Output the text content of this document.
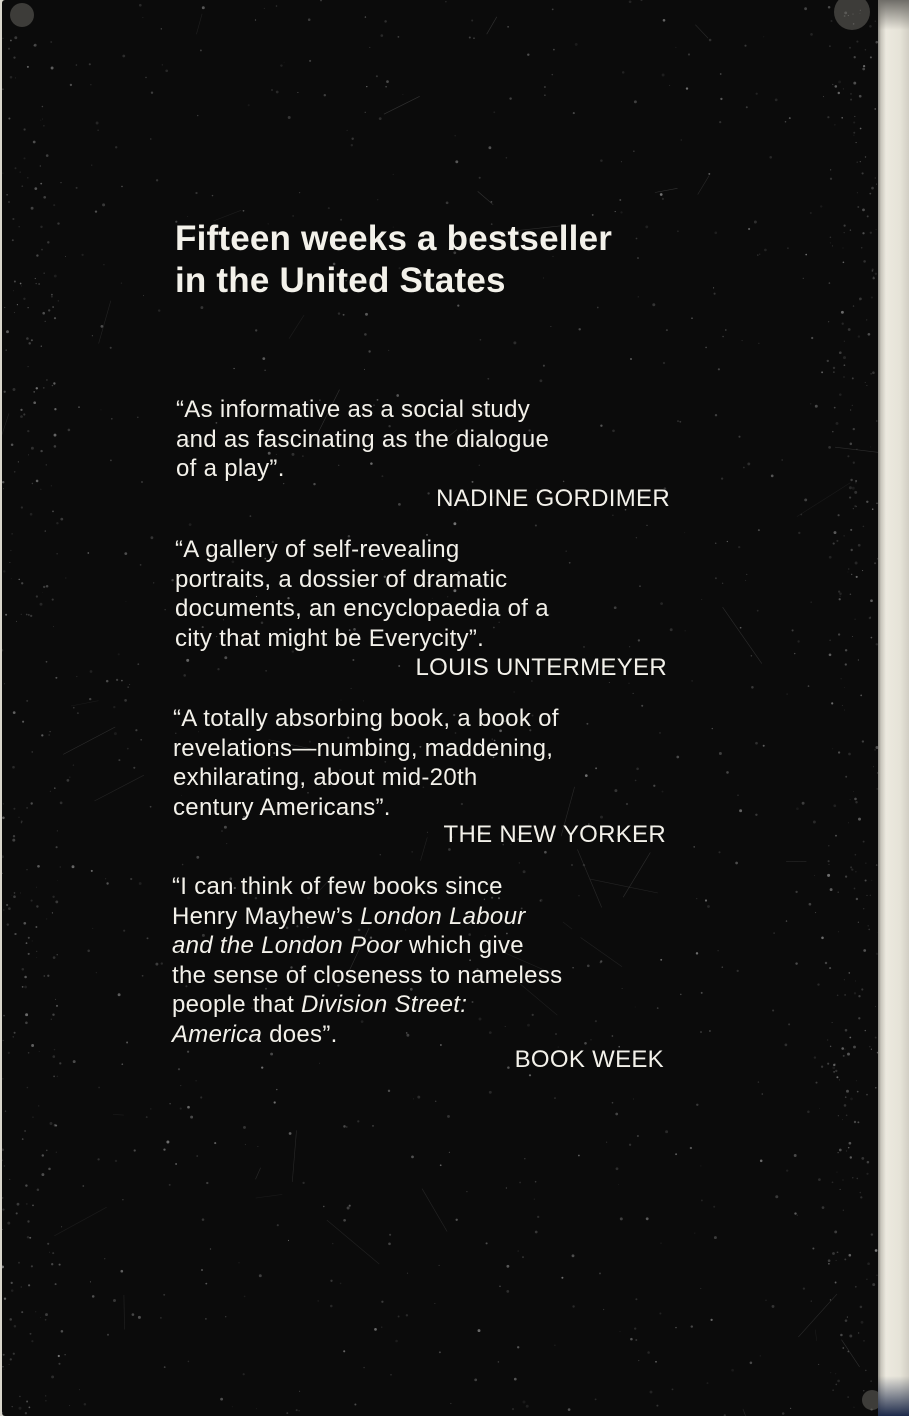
Fifteen weeks a bestseller
in the United States
“As informative as a social study
and as fascinating as the dialogue
of a play”.
NADINE GORDIMER
“A gallery of self-revealing
portraits, a dossier of dramatic
documents, an encyclopaedia of a
city that might be Everycity”.
LOUIS UNTERMEYER
“A totally absorbing book, a book of
revelations—numbing, maddening,
exhilarating, about mid-20th
century Americans”.
THE NEW YORKER
“I can think of few books since
Henry Mayhew’s London Labour
and the London Poor which give
the sense of closeness to nameless
people that Division Street:
America does”.
BOOK WEEK
